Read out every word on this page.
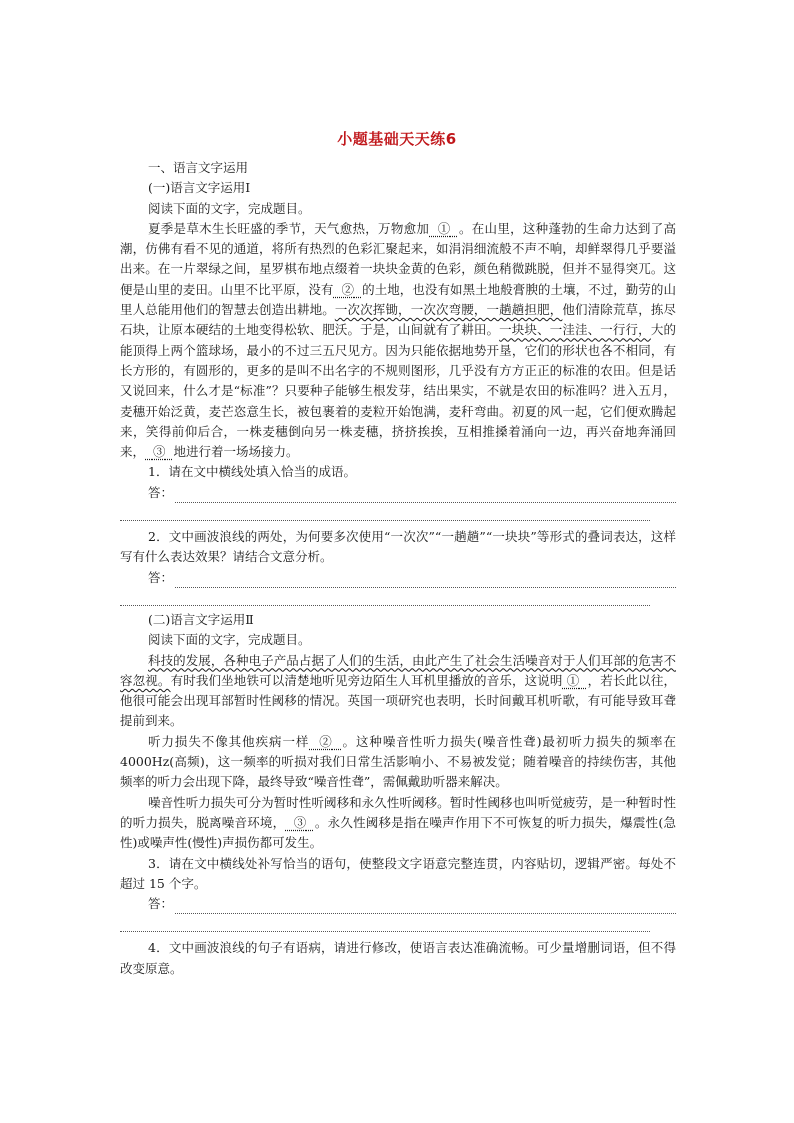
小题基础天天练6

一、语言文字运用

(一)语言文字运用Ⅰ

阅读下面的文字，完成题目。

夏季是草木生长旺盛的季节，天气愈热，万物愈加 ① 。在山里，这种蓬勃的生命力达到了高潮，仿佛有看不见的通道，将所有热烈的色彩汇聚起来，如涓涓细流般不声不响，却鲜翠得几乎要溢出来。在一片翠绿之间，星罗棋布地点缀着一块块金黄的色彩，颜色稍微跳脱，但并不显得突兀。这便是山里的麦田。山里不比平原，没有 ② 的土地，也没有如黑土地般膏腴的土壤，不过，勤劳的山里人总能用他们的智慧去创造出耕地。一次次挥锄，一次次弯腰，一趟趟担肥，他们清除荒草，拣尽石块，让原本硬结的土地变得松软、肥沃。于是，山间就有了耕田。一块块、一洼洼、一行行，大的能顶得上两个篮球场，最小的不过三五尺见方。因为只能依据地势开垦，它们的形状也各不相同，有长方形的，有圆形的，更多的是叫不出名字的不规则图形，几乎没有方方正正的标准的农田。但是话又说回来，什么才是“标准”？只要种子能够生根发芽，结出果实，不就是农田的标准吗？进入五月，麦穗开始泛黄，麦芒恣意生长，被包裹着的麦粒开始饱满，麦秆弯曲。初夏的风一起，它们便欢腾起来，笑得前仰后合，一株麦穗倒向另一株麦穗，挤挤挨挨，互相推搡着涌向一边，再兴奋地奔涌回来， ③ 地进行着一场场接力。

1．请在文中横线处填入恰当的成语。

答：

2．文中画波浪线的两处，为何要多次使用“一次次”“一趟趟”“一块块”等形式的叠词表达，这样写有什么表达效果？请结合文意分析。

答：

(二)语言文字运用Ⅱ

阅读下面的文字，完成题目。

科技的发展，各种电子产品占据了人们的生活，由此产生了社会生活噪音对于人们耳部的危害不容忽视。有时我们坐地铁可以清楚地听见旁边陌生人耳机里播放的音乐，这说明 ① ，若长此以往，他很可能会出现耳部暂时性阈移的情况。英国一项研究也表明，长时间戴耳机听歌，有可能导致耳聋提前到来。

听力损失不像其他疾病一样 ② 。这种噪音性听力损失(噪音性聋)最初听力损失的频率在 4000Hz(高频)，这一频率的听损对我们日常生活影响小、不易被发觉；随着噪音的持续伤害，其他频率的听力会出现下降，最终导致“噪音性聋”，需佩戴助听器来解决。

噪音性听力损失可分为暂时性听阈移和永久性听阈移。暂时性阈移也叫听觉疲劳，是一种暂时性的听力损失，脱离噪音环境， ③ 。永久性阈移是指在噪声作用下不可恢复的听力损失，爆震性(急性)或噪声性(慢性)声损伤都可发生。

3．请在文中横线处补写恰当的语句，使整段文字语意完整连贯，内容贴切，逻辑严密。每处不超过 15 个字。

答：

4．文中画波浪线的句子有语病，请进行修改，使语言表达准确流畅。可少量增删词语，但不得改变原意。
